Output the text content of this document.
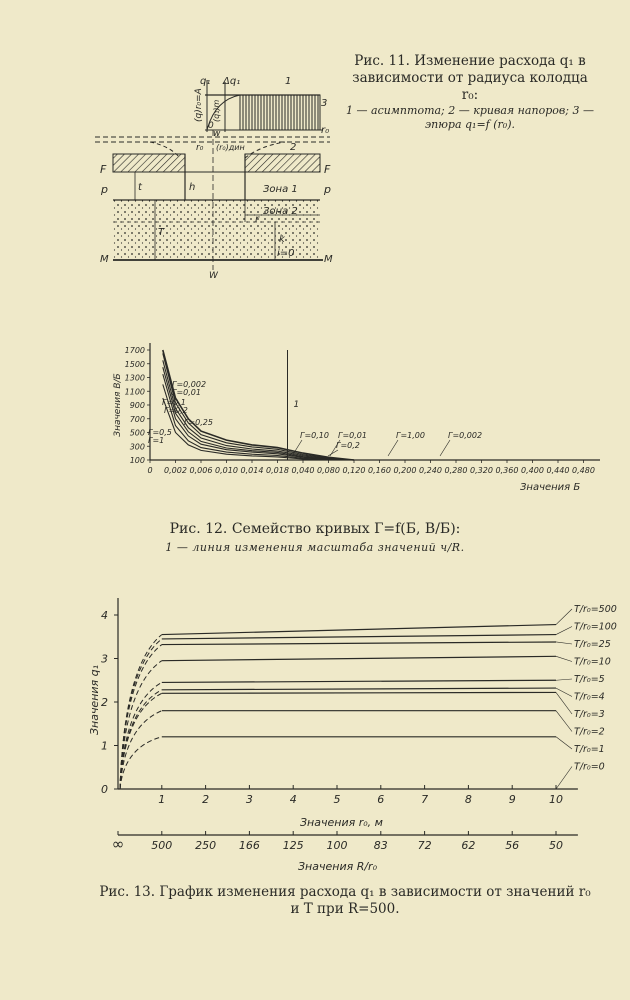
q₁ Δq₁	1
3
r₀
(q)r₀=A (q₁)m
0
w
r₀ (r₀)дин	2
F	F
p	p
t	h
T
Зона 1
Зона 2
r
k
i=0
M	M
W
Рис. 11. Изменение расхода q₁ в зависимости от радиуса колодца r₀:
1 — асимптота; 2 — кривая напоров; 3 — эпюра q₁=f (r₀).
0 0,002 0,006 0,010 0,014 0,018 0,040 0,080 0,120 0,160 0,200 0,240 0,280 0,320 0,360 0,400 0,440 0,480
100
300
500
700
900
1100
1300
1500
1700
Значения В/Б
Значения Б
1
Г=0,002
Г=0,01
Г=0,1
Г=0,2
Г=0,25
Г=0,5
Г=1
Г=0,10 Г=0,01
Г=0,2
Г=1,00	Г=0,002
Рис. 12. Семейство кривых Г=f(Б, В/Б):
1 — линия изменения масштаба значений ч/R.
0
1
2
3
4
1	2	3	4	5	6	7	8	9	10
Значения q₁
Значения r₀, м
∞ 500 250 166 125 100 83	72	62	56	50
Значения R/r₀
T/r₀=500
T/r₀=100
T/r₀=25
T/r₀=10
T/r₀=5
T/r₀=4
T/r₀=3
T/r₀=2
T/r₀=1
T/r₀=0
Рис. 13. График изменения расхода q₁ в зависимости от значений r₀ и T при R=500.
